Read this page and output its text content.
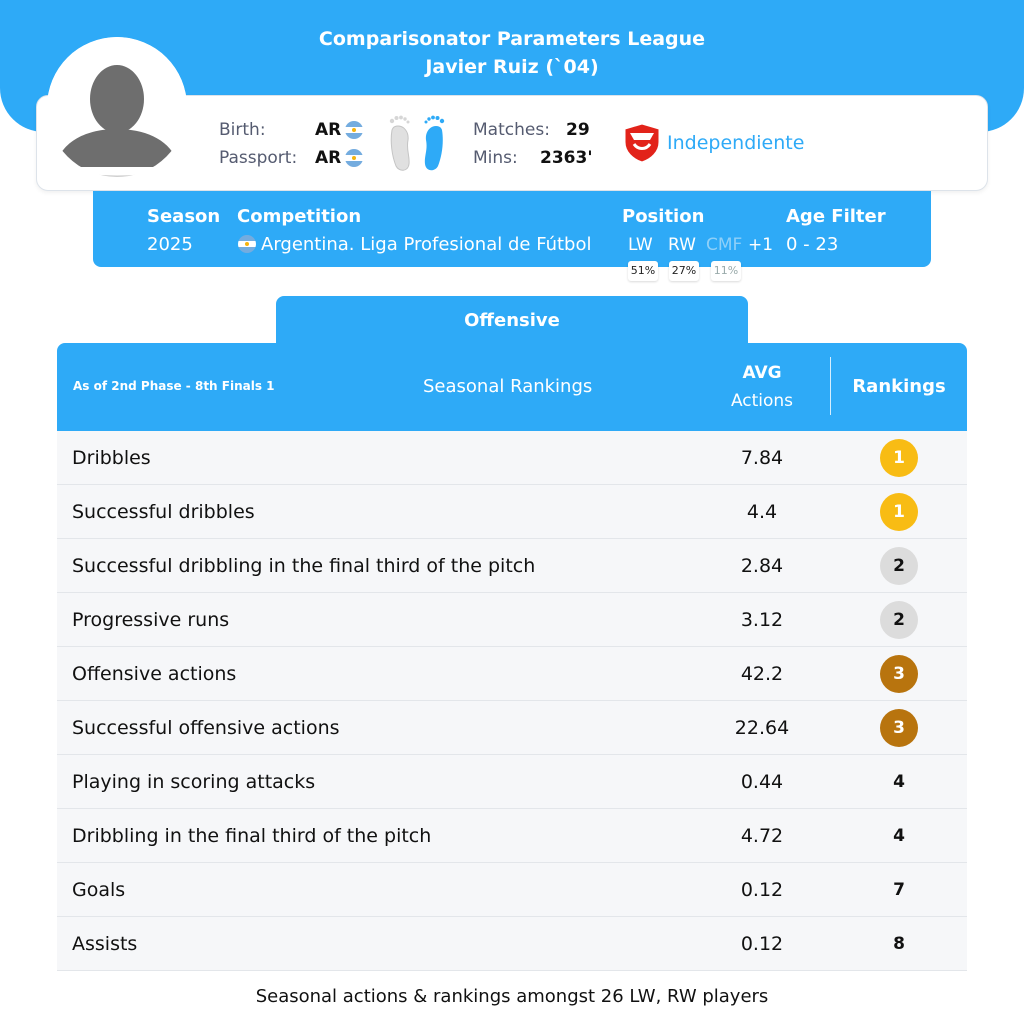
Comparisonator Parameters League
Javier Ruiz (`04)
Birth:	AR
Passport: AR
Matches: 29
Mins: 2363'
Independiente
Season
2025
Competition
Argentina. Liga Profesional de Fútbol
Position
LW RW CMF +1
51% 27% 11%
Age Filter
0 - 23
Offensive
As of 2nd Phase - 8th Finals 1	Seasonal Rankings
AVG
Actions
Rankings
Dribbles	7.84	1
Successful dribbles	4.4	1
Successful dribbling in the final third of the pitch	2.84	2
Progressive runs	3.12	2
Offensive actions	42.2	3
Successful offensive actions	22.64	3
Playing in scoring attacks	0.44	4
Dribbling in the final third of the pitch	4.72	4
Goals	0.12	7
Assists	0.12	8
Seasonal actions & rankings amongst 26 LW, RW players
